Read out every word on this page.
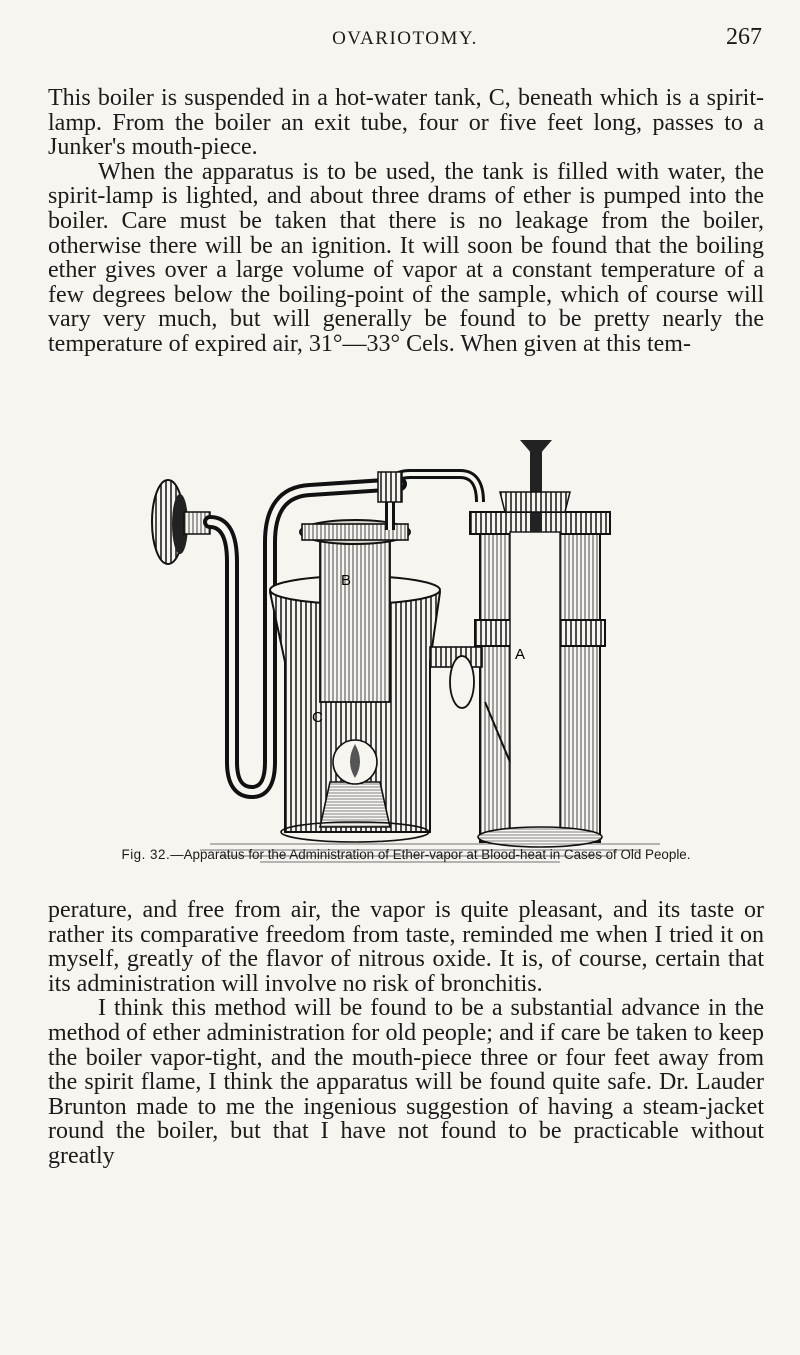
OVARIOTOMY.	267

This boiler is suspended in a hot-water tank, C, beneath which is a spirit-lamp. From the boiler an exit tube, four or five feet long, passes to a Junker's mouth-piece.

When the apparatus is to be used, the tank is filled with water, the spirit-lamp is lighted, and about three drams of ether is pumped into the boiler. Care must be taken that there is no leakage from the boiler, otherwise there will be an ignition. It will soon be found that the boiling ether gives over a large volume of vapor at a constant temperature of a few degrees below the boiling-point of the sample, which of course will vary very much, but will generally be found to be pretty nearly the temperature of expired air, 31°—33° Cels. When given at this tem-

B
A
C
Fig. 32.—Apparatus for the Administration of Ether-vapor at Blood-heat in Cases of Old People.

perature, and free from air, the vapor is quite pleasant, and its taste or rather its comparative freedom from taste, reminded me when I tried it on myself, greatly of the flavor of nitrous oxide. It is, of course, certain that its administration will involve no risk of bronchitis.

I think this method will be found to be a substantial advance in the method of ether administration for old people; and if care be taken to keep the boiler vapor-tight, and the mouth-piece three or four feet away from the spirit flame, I think the apparatus will be found quite safe. Dr. Lauder Brunton made to me the ingenious suggestion of having a steam-jacket round the boiler, but that I have not found to be practicable without greatly
